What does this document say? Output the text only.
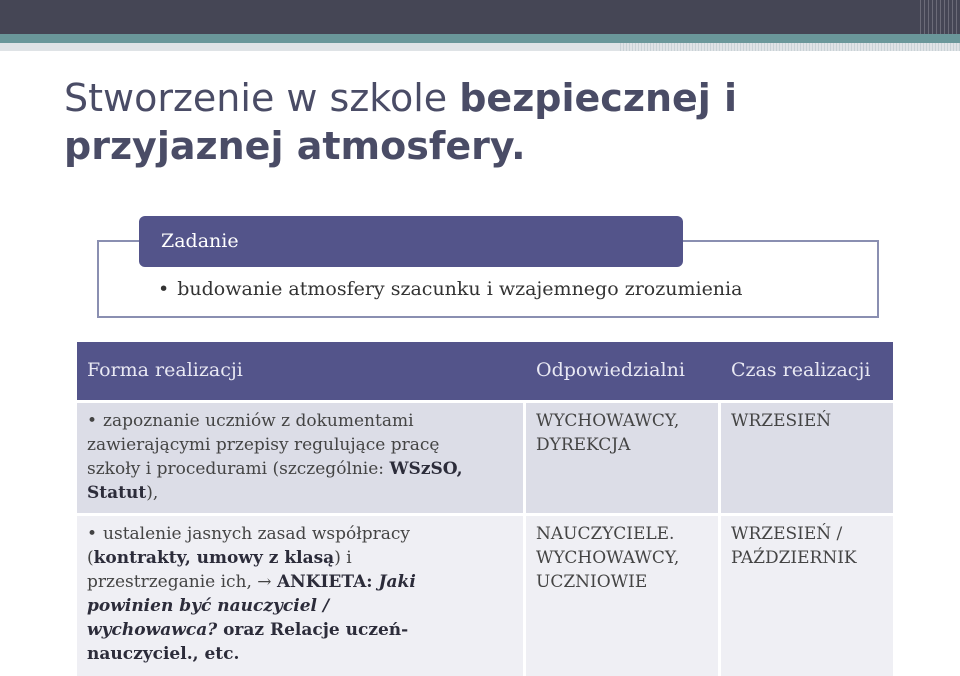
Stworzenie w szkole bezpiecznej i przyjaznej atmosfery.
Zadanie
• budowanie atmosfery szacunku i wzajemnego zrozumienia
Forma realizacji	Odpowiedzialni Czas realizacji
• zapoznanie uczniów z dokumentami
zawierającymi przepisy regulujące pracę
szkoły i procedurami (szczególnie: WSzSO,
Statut),
WYCHOWAWCY,
DYREKCJA
WRZESIEŃ
• ustalenie jasnych zasad współpracy
(kontrakty, umowy z klasą) i
przestrzeganie ich, → ANKIETA: Jaki
powinien być nauczyciel /
wychowawca? oraz Relacje uczeń-
nauczyciel., etc.
NAUCZYCIELE.
WYCHOWAWCY,
UCZNIOWIE
WRZESIEŃ /
PAŹDZIERNIK
